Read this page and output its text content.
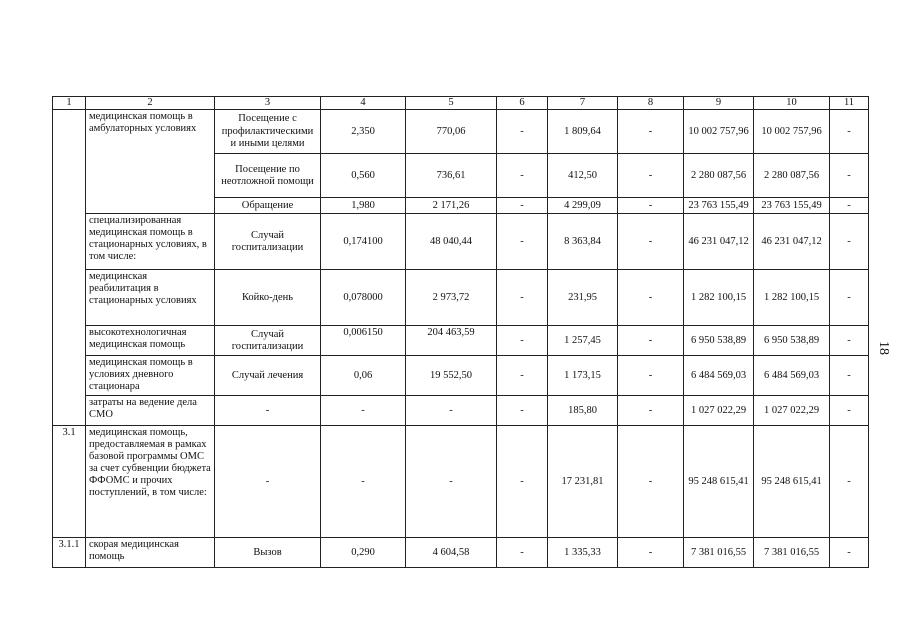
1	2	3	4	5	6	7	8	9	10	11
	медицинская помощь в амбулаторных условиях	Посещение с профилактическими и иными целями	2,350	770,06	-	1 809,64	-	10 002 757,96	10 002 757,96	-
		Посещение по неотложной помощи	0,560	736,61	-	412,50	-	2 280 087,56	2 280 087,56	-
		Обращение	1,980	2 171,26	-	4 299,09	-	23 763 155,49	23 763 155,49	-
	специализированная медицинская помощь в стационарных условиях, в том числе:	Случай госпитализации	0,174100	48 040,44	-	8 363,84	-	46 231 047,12	46 231 047,12	-
	медицинская реабилитация в стационарных условиях	Койко-день	0,078000	2 973,72	-	231,95	-	1 282 100,15	1 282 100,15	-
	высокотехнологичная медицинская помощь	Случай госпитализации	0,006150	204 463,59	-	1 257,45	-	6 950 538,89	6 950 538,89	-
	медицинская помощь в условиях дневного стационара	Случай лечения	0,06	19 552,50	-	1 173,15	-	6 484 569,03	6 484 569,03	-
	затраты на ведение дела СМО	-	-	-	-	185,80	-	1 027 022,29	1 027 022,29	-
3.1	медицинская помощь, предоставляемая в рамках базовой программы ОМС за счет субвенции бюджета ФФОМС и прочих поступлений, в том числе:	-	-	-	-	17 231,81	-	95 248 615,41	95 248 615,41	-
3.1.1	скорая медицинская помощь	Вызов	0,290	4 604,58	-	1 335,33	-	7 381 016,55	7 381 016,55	-
18
